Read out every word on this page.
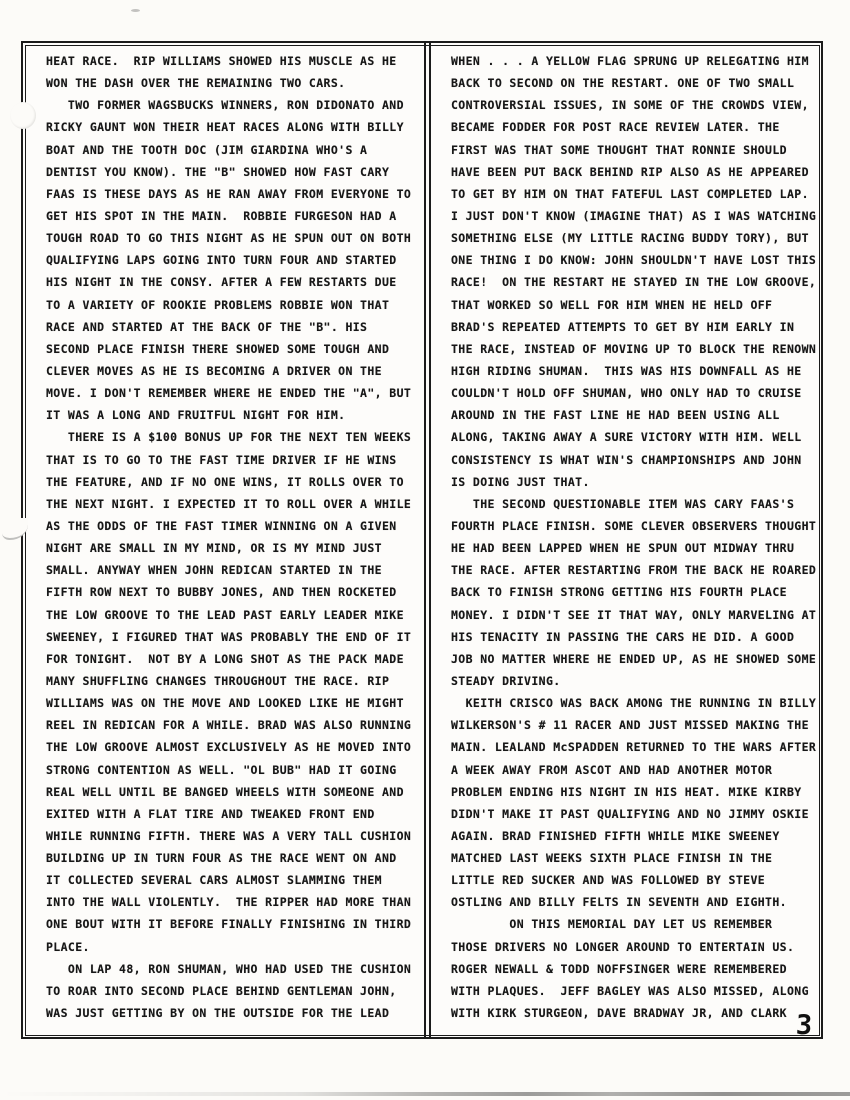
HEAT RACE.  RIP WILLIAMS SHOWED HIS MUSCLE AS HE
WON THE DASH OVER THE REMAINING TWO CARS.
TWO FORMER WAGSBUCKS WINNERS, RON DIDONATO AND
RICKY GAUNT WON THEIR HEAT RACES ALONG WITH BILLY
BOAT AND THE TOOTH DOC (JIM GIARDINA WHO'S A
DENTIST YOU KNOW). THE "B" SHOWED HOW FAST CARY
FAAS IS THESE DAYS AS HE RAN AWAY FROM EVERYONE TO
GET HIS SPOT IN THE MAIN.  ROBBIE FURGESON HAD A
TOUGH ROAD TO GO THIS NIGHT AS HE SPUN OUT ON BOTH
QUALIFYING LAPS GOING INTO TURN FOUR AND STARTED
HIS NIGHT IN THE CONSY. AFTER A FEW RESTARTS DUE
TO A VARIETY OF ROOKIE PROBLEMS ROBBIE WON THAT
RACE AND STARTED AT THE BACK OF THE "B". HIS
SECOND PLACE FINISH THERE SHOWED SOME TOUGH AND
CLEVER MOVES AS HE IS BECOMING A DRIVER ON THE
MOVE. I DON'T REMEMBER WHERE HE ENDED THE "A", BUT
IT WAS A LONG AND FRUITFUL NIGHT FOR HIM.
THERE IS A $100 BONUS UP FOR THE NEXT TEN WEEKS
THAT IS TO GO TO THE FAST TIME DRIVER IF HE WINS
THE FEATURE, AND IF NO ONE WINS, IT ROLLS OVER TO
THE NEXT NIGHT. I EXPECTED IT TO ROLL OVER A WHILE
AS THE ODDS OF THE FAST TIMER WINNING ON A GIVEN
NIGHT ARE SMALL IN MY MIND, OR IS MY MIND JUST
SMALL. ANYWAY WHEN JOHN REDICAN STARTED IN THE
FIFTH ROW NEXT TO BUBBY JONES, AND THEN ROCKETED
THE LOW GROOVE TO THE LEAD PAST EARLY LEADER MIKE
SWEENEY, I FIGURED THAT WAS PROBABLY THE END OF IT
FOR TONIGHT.  NOT BY A LONG SHOT AS THE PACK MADE
MANY SHUFFLING CHANGES THROUGHOUT THE RACE. RIP
WILLIAMS WAS ON THE MOVE AND LOOKED LIKE HE MIGHT
REEL IN REDICAN FOR A WHILE. BRAD WAS ALSO RUNNING
THE LOW GROOVE ALMOST EXCLUSIVELY AS HE MOVED INTO
STRONG CONTENTION AS WELL. "OL BUB" HAD IT GOING
REAL WELL UNTIL BE BANGED WHEELS WITH SOMEONE AND
EXITED WITH A FLAT TIRE AND TWEAKED FRONT END
WHILE RUNNING FIFTH. THERE WAS A VERY TALL CUSHION
BUILDING UP IN TURN FOUR AS THE RACE WENT ON AND
IT COLLECTED SEVERAL CARS ALMOST SLAMMING THEM
INTO THE WALL VIOLENTLY.  THE RIPPER HAD MORE THAN
ONE BOUT WITH IT BEFORE FINALLY FINISHING IN THIRD
PLACE.
ON LAP 48, RON SHUMAN, WHO HAD USED THE CUSHION
TO ROAR INTO SECOND PLACE BEHIND GENTLEMAN JOHN,
WAS JUST GETTING BY ON THE OUTSIDE FOR THE LEAD
WHEN . . . A YELLOW FLAG SPRUNG UP RELEGATING HIM
BACK TO SECOND ON THE RESTART. ONE OF TWO SMALL
CONTROVERSIAL ISSUES, IN SOME OF THE CROWDS VIEW,
BECAME FODDER FOR POST RACE REVIEW LATER. THE
FIRST WAS THAT SOME THOUGHT THAT RONNIE SHOULD
HAVE BEEN PUT BACK BEHIND RIP ALSO AS HE APPEARED
TO GET BY HIM ON THAT FATEFUL LAST COMPLETED LAP.
I JUST DON'T KNOW (IMAGINE THAT) AS I WAS WATCHING
SOMETHING ELSE (MY LITTLE RACING BUDDY TORY), BUT
ONE THING I DO KNOW: JOHN SHOULDN'T HAVE LOST THIS
RACE!  ON THE RESTART HE STAYED IN THE LOW GROOVE,
THAT WORKED SO WELL FOR HIM WHEN HE HELD OFF
BRAD'S REPEATED ATTEMPTS TO GET BY HIM EARLY IN
THE RACE, INSTEAD OF MOVING UP TO BLOCK THE RENOWN
HIGH RIDING SHUMAN.  THIS WAS HIS DOWNFALL AS HE
COULDN'T HOLD OFF SHUMAN, WHO ONLY HAD TO CRUISE
AROUND IN THE FAST LINE HE HAD BEEN USING ALL
ALONG, TAKING AWAY A SURE VICTORY WITH HIM. WELL
CONSISTENCY IS WHAT WIN'S CHAMPIONSHIPS AND JOHN
IS DOING JUST THAT.
THE SECOND QUESTIONABLE ITEM WAS CARY FAAS'S
FOURTH PLACE FINISH. SOME CLEVER OBSERVERS THOUGHT
HE HAD BEEN LAPPED WHEN HE SPUN OUT MIDWAY THRU
THE RACE. AFTER RESTARTING FROM THE BACK HE ROARED
BACK TO FINISH STRONG GETTING HIS FOURTH PLACE
MONEY. I DIDN'T SEE IT THAT WAY, ONLY MARVELING AT
HIS TENACITY IN PASSING THE CARS HE DID. A GOOD
JOB NO MATTER WHERE HE ENDED UP, AS HE SHOWED SOME
STEADY DRIVING.
KEITH CRISCO WAS BACK AMONG THE RUNNING IN BILLY
WILKERSON'S # 11 RACER AND JUST MISSED MAKING THE
MAIN. LEALAND McSPADDEN RETURNED TO THE WARS AFTER
A WEEK AWAY FROM ASCOT AND HAD ANOTHER MOTOR
PROBLEM ENDING HIS NIGHT IN HIS HEAT. MIKE KIRBY
DIDN'T MAKE IT PAST QUALIFYING AND NO JIMMY OSKIE
AGAIN. BRAD FINISHED FIFTH WHILE MIKE SWEENEY
MATCHED LAST WEEKS SIXTH PLACE FINISH IN THE
LITTLE RED SUCKER AND WAS FOLLOWED BY STEVE
OSTLING AND BILLY FELTS IN SEVENTH AND EIGHTH.
ON THIS MEMORIAL DAY LET US REMEMBER
THOSE DRIVERS NO LONGER AROUND TO ENTERTAIN US.
ROGER NEWALL & TODD NOFFSINGER WERE REMEMBERED
WITH PLAQUES.  JEFF BAGLEY WAS ALSO MISSED, ALONG
WITH KIRK STURGEON, DAVE BRADWAY JR, AND CLARK 3
